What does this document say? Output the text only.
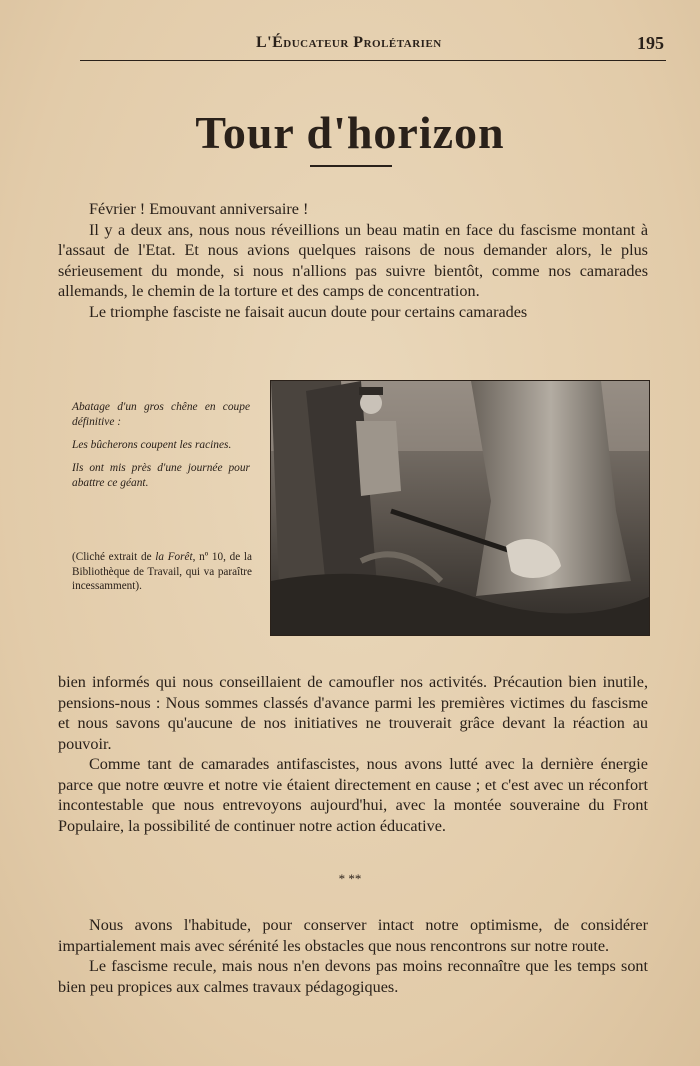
L'Éducateur Prolétarien	195
Tour d'horizon

Février ! Emouvant anniversaire !

Il y a deux ans, nous nous réveillions un beau matin en face du fascisme montant à l'assaut de l'Etat. Et nous avions quelques raisons de nous demander alors, le plus sérieusement du monde, si nous n'allions pas suivre bientôt, comme nos camarades allemands, le chemin de la torture et des camps de concentration.

Le triomphe fasciste ne faisait aucun doute pour certains camarades

Abatage d'un gros chêne en coupe définitive :

Les bûcherons coupent les racines.

Ils ont mis près d'une journée pour abattre ce géant.

(Cliché extrait de la Forêt, nº 10, de la Bibliothèque de Travail, qui va paraître incessamment).

bien informés qui nous conseillaient de camoufler nos activités. Précaution bien inutile, pensions-nous : Nous sommes classés d'avance parmi les premières victimes du fascisme et nous savons qu'aucune de nos initiatives ne trouverait grâce devant la réaction au pouvoir.

Comme tant de camarades antifascistes, nous avons lutté avec la dernière énergie parce que notre œuvre et notre vie étaient directement en cause ; et c'est avec un réconfort incontestable que nous entrevoyons aujourd'hui, avec la montée souveraine du Front Populaire, la possibilité de continuer notre action éducative.

* **

Nous avons l'habitude, pour conserver intact notre optimisme, de considérer impartialement mais avec sérénité les obstacles que nous rencontrons sur notre route.

Le fascisme recule, mais nous n'en devons pas moins reconnaître que les temps sont bien peu propices aux calmes travaux pédagogiques.
